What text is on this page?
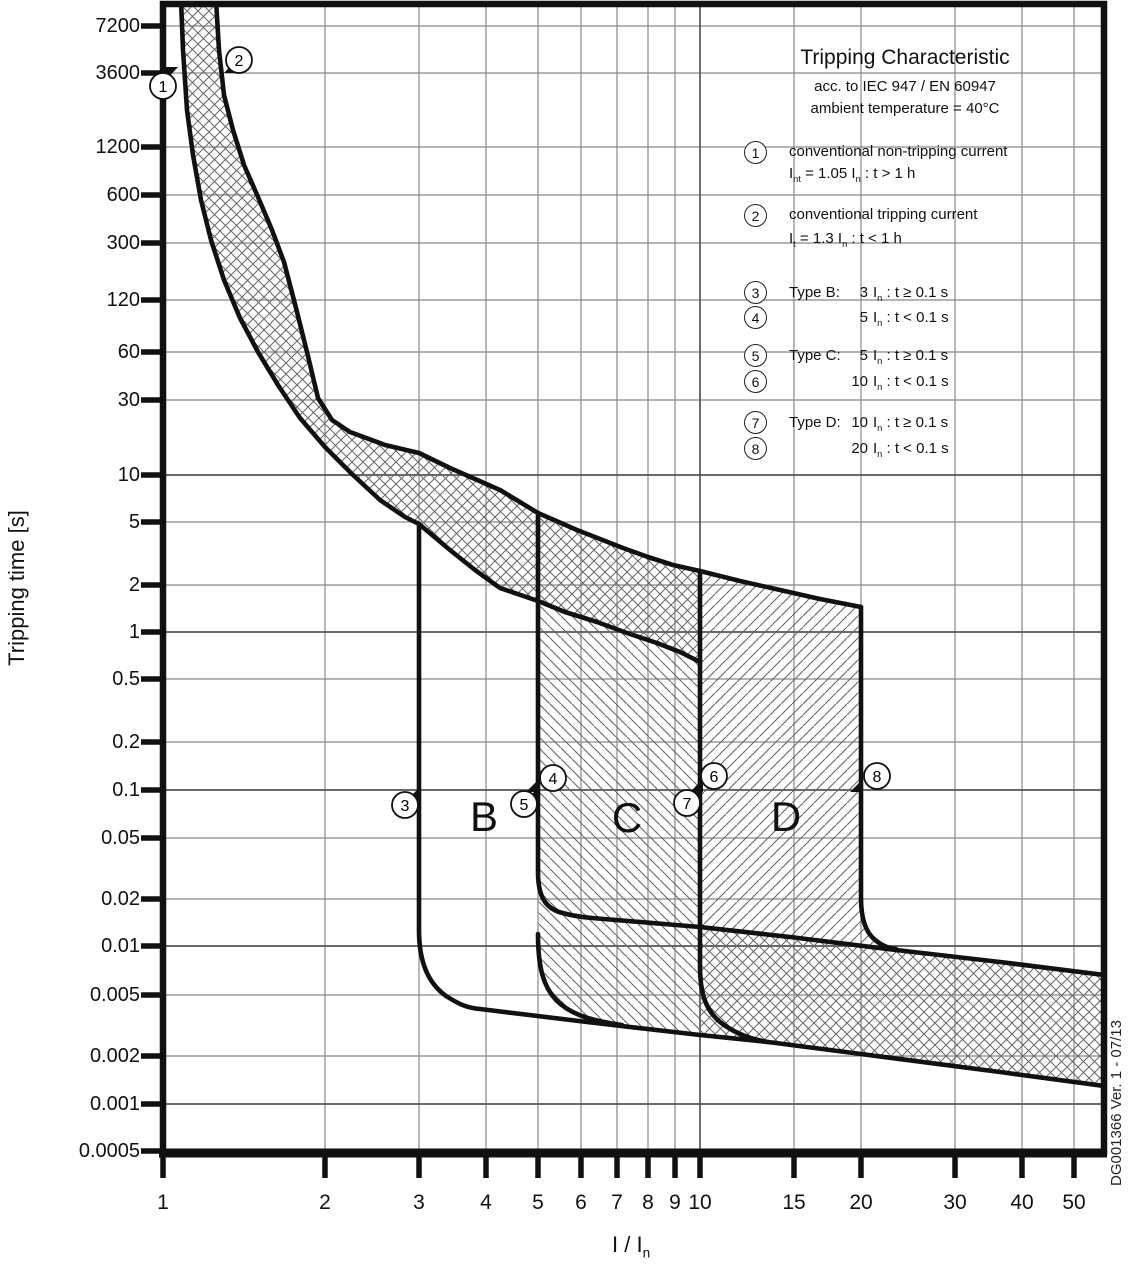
1
2
3
4
5
6
7
8
7200
3600
1200
600
300
120
60
30
10
5
2
1
0.5
0.2
0.1
0.05
0.02
0.01
0.005
0.002
0.001
0.0005
1	2	3	4	5	6	7 8 9 10	15	20	30	40	50
Tripping time [s]
I / $I_n$
Tripping Characteristic
acc. to IEC 947 / EN 60947
ambient temperature = 40°C
1	conventional non-tripping current
$I_{nt} = 1.05$ $I_n$ : t > 1 h
2	conventional tripping current
$I_t = 1.3$ $I_n$ : t < 1 h
3
4
Type B:	3 $I_n$ : t ≥ 0.1 s
5 $I_n$ : t < 0.1 s
5
6
Type C:	5 $I_n$ : t ≥ 0.1 s
10 $I_n$ : t < 0.1 s
7
8
Type D: 10 $I_n$ : t ≥ 0.1 s
20 $I_n$ : t < 0.1 s
B	C	D
DG001366 Ver. 1 - 07/13
